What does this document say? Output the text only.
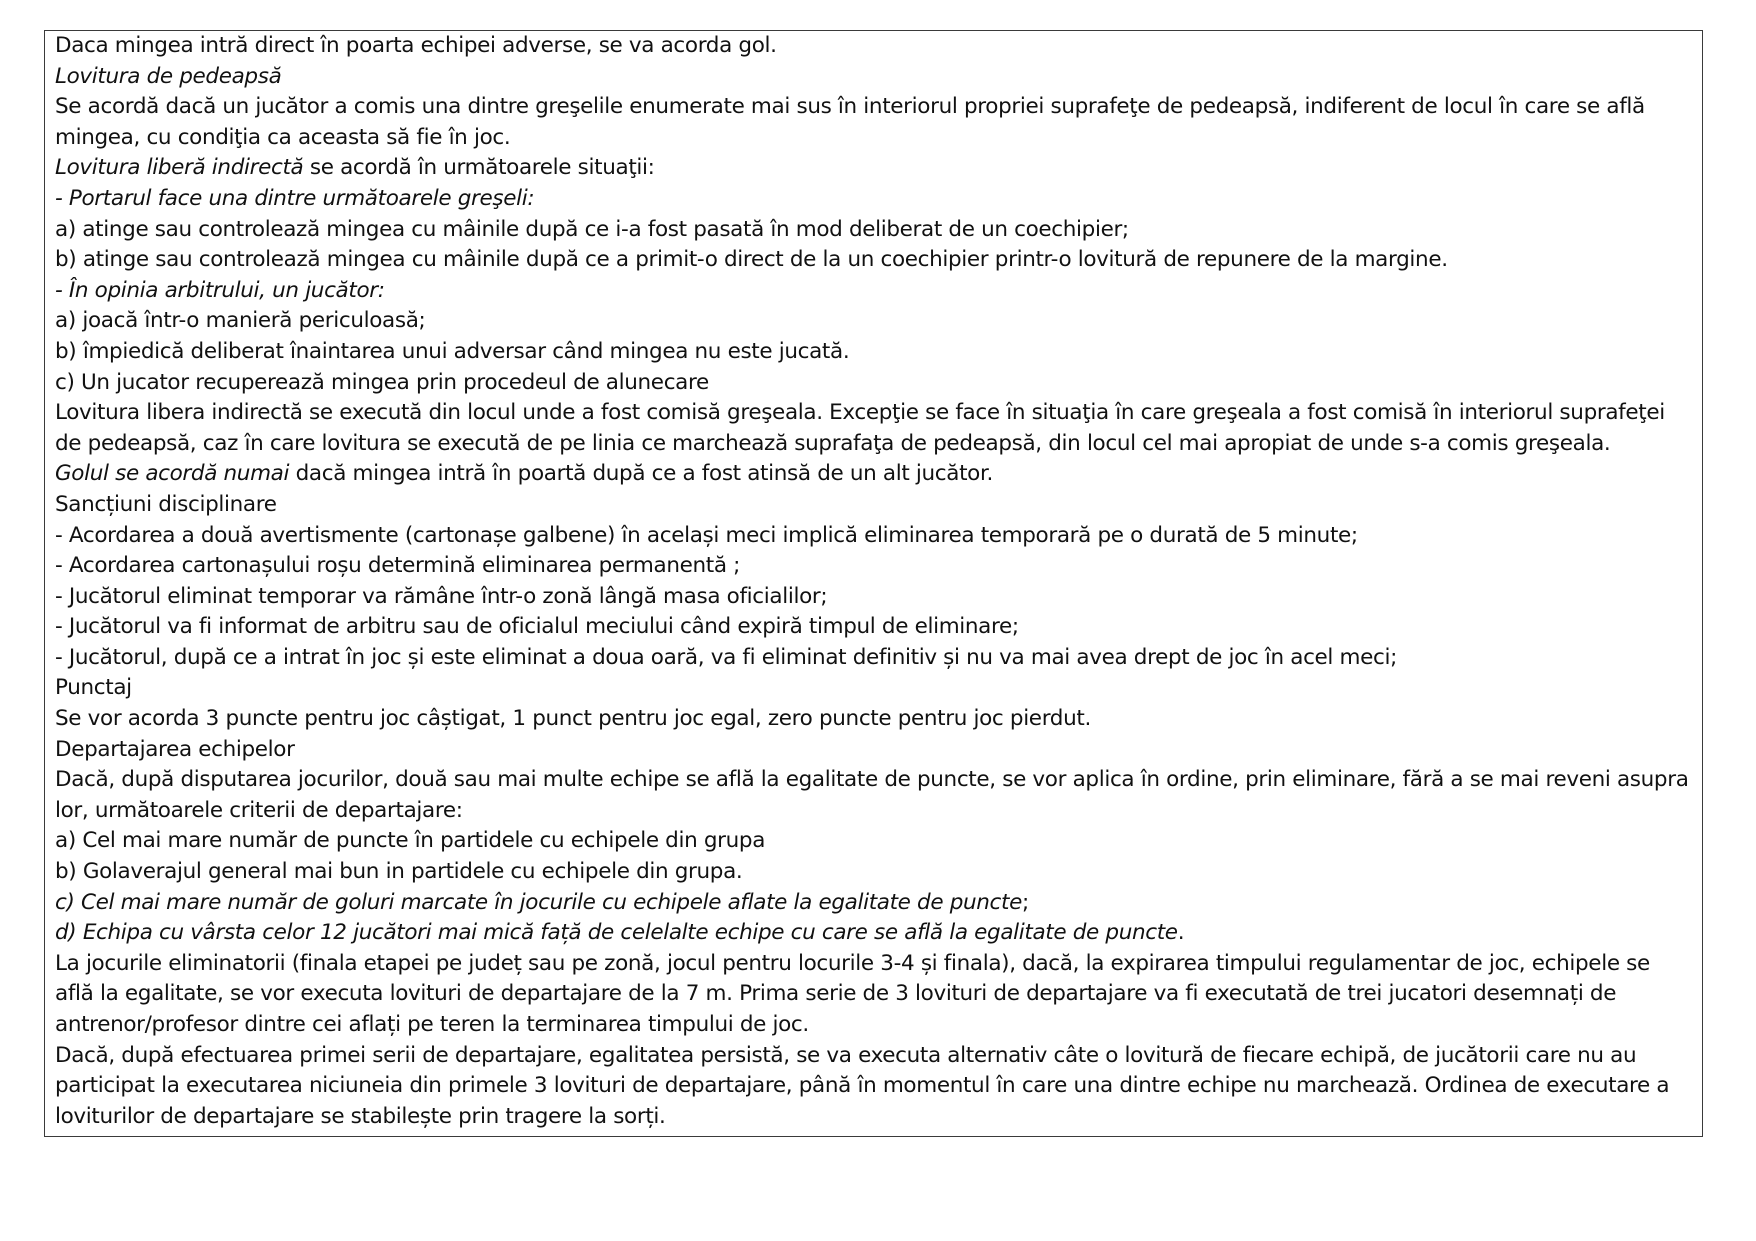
Daca mingea intră direct în poarta echipei adverse, se va acorda gol.
Lovitura de pedeapsă
Se acordă dacă un jucător a comis una dintre greşelile enumerate mai sus în interiorul propriei suprafeţe de pedeapsă, indiferent de locul în care se află
mingea, cu condiţia ca aceasta să fie în joc.
Lovitura liberă indirectă se acordă în următoarele situaţii:
- Portarul face una dintre următoarele greşeli:
a) atinge sau controlează mingea cu mâinile după ce i-a fost pasată în mod deliberat de un coechipier;
b) atinge sau controlează mingea cu mâinile după ce a primit-o direct de la un coechipier printr-o lovitură de repunere de la margine.
- În opinia arbitrului, un jucător:
a) joacă într-o manieră periculoasă;
b) împiedică deliberat înaintarea unui adversar când mingea nu este jucată.
c) Un jucator recuperează mingea prin procedeul de alunecare
Lovitura libera indirectă se execută din locul unde a fost comisă greşeala. Excepţie se face în situaţia în care greşeala a fost comisă în interiorul suprafeţei
de pedeapsă, caz în care lovitura se execută de pe linia ce marchează suprafaţa de pedeapsă, din locul cel mai apropiat de unde s-a comis greşeala.
Golul se acordă numai dacă mingea intră în poartă după ce a fost atinsă de un alt jucător.
Sancțiuni disciplinare
- Acordarea a două avertismente (cartonașe galbene) în același meci implică eliminarea temporară pe o durată de 5 minute;
- Acordarea cartonașului roșu determină eliminarea permanentă ;
- Jucătorul eliminat temporar va rămâne într-o zonă lângă masa oficialilor;
- Jucătorul va fi informat de arbitru sau de oficialul meciului când expiră timpul de eliminare;
- Jucătorul, după ce a intrat în joc și este eliminat a doua oară, va fi eliminat definitiv și nu va mai avea drept de joc în acel meci;
Punctaj
Se vor acorda 3 puncte pentru joc câștigat, 1 punct pentru joc egal, zero puncte pentru joc pierdut.
Departajarea echipelor
Dacă, după disputarea jocurilor, două sau mai multe echipe se află la egalitate de puncte, se vor aplica în ordine, prin eliminare, fără a se mai reveni asupra
lor, următoarele criterii de departajare:
a) Cel mai mare număr de puncte în partidele cu echipele din grupa
b) Golaverajul general mai bun in partidele cu echipele din grupa.
c) Cel mai mare număr de goluri marcate în jocurile cu echipele aflate la egalitate de puncte;
d) Echipa cu vârsta celor 12 jucători mai mică față de celelalte echipe cu care se află la egalitate de puncte.
La jocurile eliminatorii (finala etapei pe județ sau pe zonă, jocul pentru locurile 3-4 și finala), dacă, la expirarea timpului regulamentar de joc, echipele se
află la egalitate, se vor executa lovituri de departajare de la 7 m. Prima serie de 3 lovituri de departajare va fi executată de trei jucatori desemnați de
antrenor/profesor dintre cei aflați pe teren la terminarea timpului de joc.
Dacă, după efectuarea primei serii de departajare, egalitatea persistă, se va executa alternativ câte o lovitură de fiecare echipă, de jucătorii care nu au
participat la executarea niciuneia din primele 3 lovituri de departajare, până în momentul în care una dintre echipe nu marchează. Ordinea de executare a
loviturilor de departajare se stabilește prin tragere la sorți.
